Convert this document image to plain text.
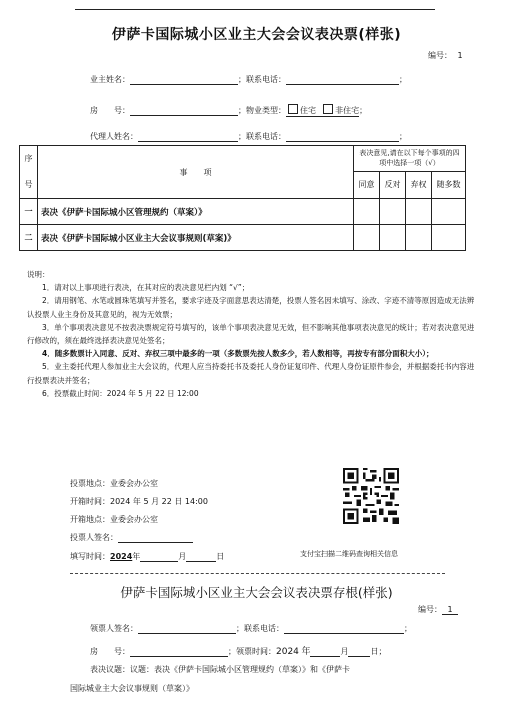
伊萨卡国际城小区业主大会会议表决票(样张)
编号： 1
业主姓名：	；联系电话：	；
房　　号：	；物业类型： 住宅 非住宅；
代理人姓名：	；联系电话：	；
序
号	事　　项	表决意见,请在以下每个事项的四项中选择一项（√）			
		同意	反对	弃权	随多数
一	表决《伊萨卡国际城小区管理规约（草案）》				
二	表决《伊萨卡国际城小区业主大会议事规则(草案)》				

说明：

1．请对以上事项进行表决，在其对应的表决意见栏内划 “√”；

2．请用钢笔、水笔或圆珠笔填写并签名，要求字迹及字面意思表达清楚，投票人签名因未填写、涂改、字迹不清等原因造成无法辨认投票人业主身份及其意见的，视为无效票；

3．单个事项表决意见不按表决票规定符号填写的，该单个事项表决意见无效，但不影响其他事项表决意见的统计；若对表决意见进行修改的，须在最终选择表决意见处签名；

4．随多数票计入同意、反对、弃权三项中最多的一项（多数票先按人数多少，若人数相等，再按专有部分面积大小）；

5．业主委托代理人参加业主大会议的，代理人应当持委托书及委托人身份证复印件、代理人身份证原件参会，并根据委托书内容进行投票表决并签名；

6．投票截止时间：2024 年 5 月 22 日 12:00

投票地点：业委会办公室
开箱时间：2024 年 5 月 22 日 14:00
开箱地点：业委会办公室
投票人签名：
填写时间：2024年	月	日	支付宝扫描二维码查询相关信息
伊萨卡国际城小区业主大会会议表决票存根(样张)
编号： 1
领票人签名：	；联系电话：	；
房　　号：	；领票时间：2024 年	月	日；
表决议题：议题：表决《伊萨卡国际城小区管理规约（草案）》和《伊萨卡
国际城业主大会议事规则（草案）》
